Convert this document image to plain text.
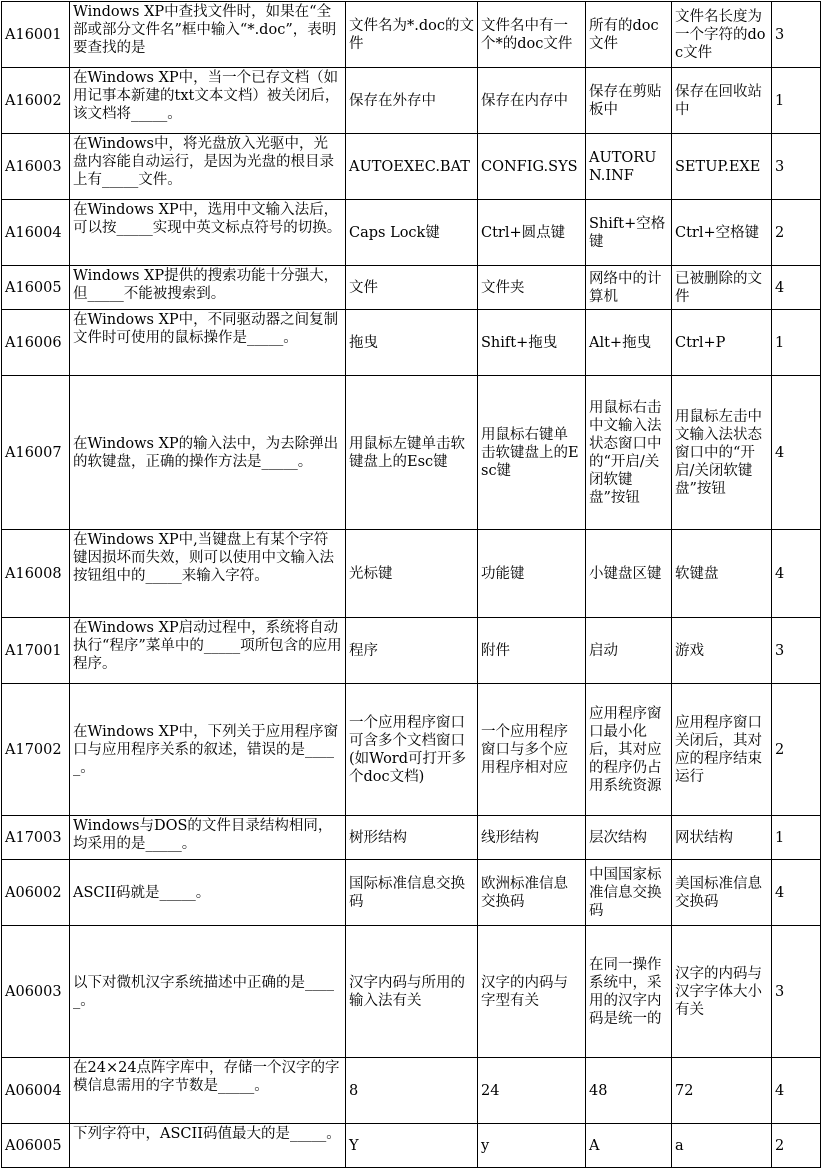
A16001	Windows XP中查找文件时，如果在“全部或部分文件名”框中输入“*.doc”，表明要查找的是	文件名为*.doc的文件	文件名中有一个*的doc文件	所有的doc文件	文件名长度为一个字符的doc文件	3
A16002	在Windows XP中，当一个已存文档（如用记事本新建的txt文本文档）被关闭后，该文档将_____。	保存在外存中	保存在内存中	保存在剪贴板中	保存在回收站中	1
A16003	在Windows中，将光盘放入光驱中，光盘内容能自动运行，是因为光盘的根目录上有_____文件。	AUTOEXEC.BAT	CONFIG.SYS	AUTORUN.INF	SETUP.EXE	3
A16004	在Windows XP中，选用中文输入法后，可以按_____实现中英文标点符号的切换。	Caps Lock键	Ctrl+圆点键	Shift+空格键	Ctrl+空格键	2
A16005	Windows XP提供的搜索功能十分强大，但_____不能被搜索到。	文件	文件夹	网络中的计算机	已被删除的文件	4
A16006	在Windows XP中，不同驱动器之间复制文件时可使用的鼠标操作是_____。	拖曳	Shift+拖曳	Alt+拖曳	Ctrl+P	1
A16007	在Windows XP的输入法中，为去除弹出的软键盘，正确的操作方法是_____。	用鼠标左键单击软键盘上的Esc键	用鼠标右键单击软键盘上的Esc键	用鼠标右击中文输入法状态窗口中的“开启/关闭软键盘”按钮	用鼠标左击中文输入法状态窗口中的“开启/关闭软键盘”按钮	4
A16008	在Windows XP中,当键盘上有某个字符键因损坏而失效，则可以使用中文输入法按钮组中的_____来输入字符。	光标键	功能键	小键盘区键	软键盘	4
A17001	在Windows XP启动过程中，系统将自动执行“程序”菜单中的_____项所包含的应用程序。	程序	附件	启动	游戏	3
A17002	在Windows XP中，下列关于应用程序窗口与应用程序关系的叙述，错误的是_____。	一个应用程序窗口可含多个文档窗口(如Word可打开多个doc文档)	一个应用程序窗口与多个应用程序相对应	应用程序窗口最小化后，其对应的程序仍占用系统资源	应用程序窗口关闭后，其对应的程序结束运行	2
A17003	Windows与DOS的文件目录结构相同，均采用的是_____。	树形结构	线形结构	层次结构	网状结构	1
A06002	ASCII码就是_____。	国际标准信息交换码	欧洲标准信息交换码	中国国家标准信息交换码	美国标准信息交换码	4
A06003	以下对微机汉字系统描述中正确的是_____。	汉字内码与所用的输入法有关	汉字的内码与字型有关	在同一操作系统中，采用的汉字内码是统一的	汉字的内码与汉字字体大小有关	3
A06004	在24×24点阵字库中，存储一个汉字的字模信息需用的字节数是_____。	8	24	48	72	4
A06005	下列字符中，ASCII码值最大的是_____。	Y	y	A	a	2
